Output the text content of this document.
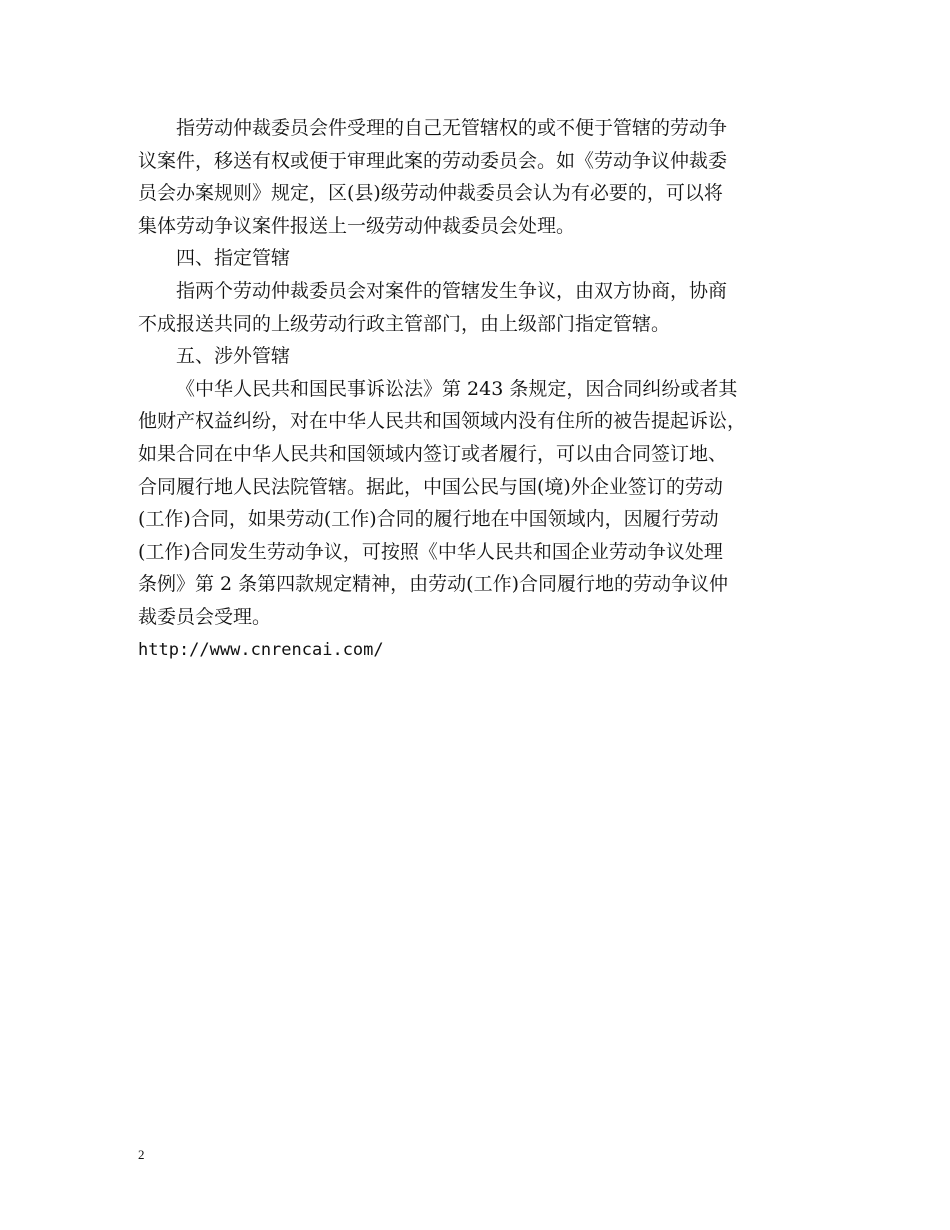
指劳动仲裁委员会件受理的自己无管辖权的或不便于管辖的劳动争
议案件，移送有权或便于审理此案的劳动委员会。如《劳动争议仲裁委
员会办案规则》规定，区(县)级劳动仲裁委员会认为有必要的，可以将
集体劳动争议案件报送上一级劳动仲裁委员会处理。

四、指定管辖

指两个劳动仲裁委员会对案件的管辖发生争议，由双方协商，协商
不成报送共同的上级劳动行政主管部门，由上级部门指定管辖。

五、涉外管辖

《中华人民共和国民事诉讼法》第 243 条规定，因合同纠纷或者其
他财产权益纠纷，对在中华人民共和国领域内没有住所的被告提起诉讼，
如果合同在中华人民共和国领域内签订或者履行，可以由合同签订地、
合同履行地人民法院管辖。据此，中国公民与国(境)外企业签订的劳动
(工作)合同，如果劳动(工作)合同的履行地在中国领域内，因履行劳动
(工作)合同发生劳动争议，可按照《中华人民共和国企业劳动争议处理
条例》第 2 条第四款规定精神，由劳动(工作)合同履行地的劳动争议仲
裁委员会受理。

http://www.cnrencai.com/

2
